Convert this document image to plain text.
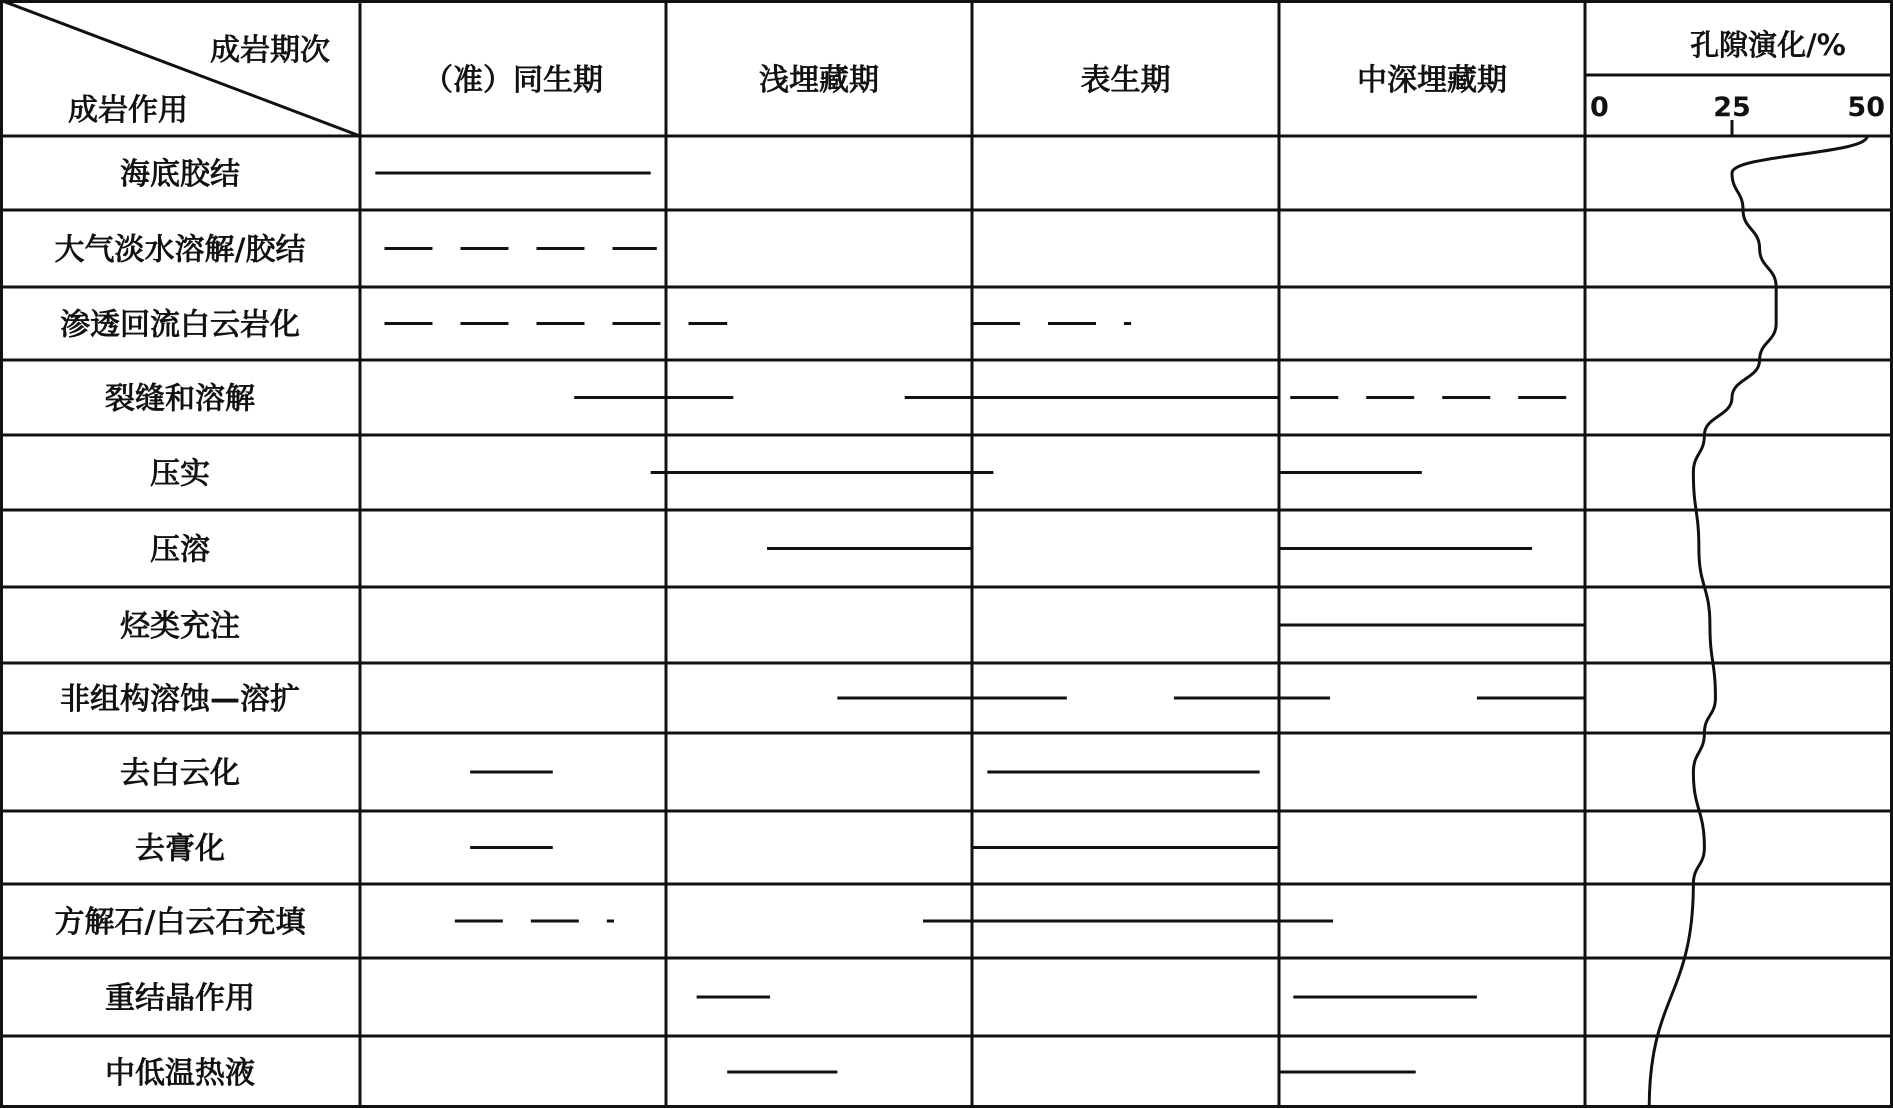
成岩期次
成岩作用
（准）同生期	浅埋藏期	表生期	中深埋藏期
孔隙演化/%
0	25	50
海底胶结
大气淡水溶解/胶结
渗透回流白云岩化
裂缝和溶解
压实
压溶
烃类充注
非组构溶蚀—溶扩
去白云化
去膏化
方解石/白云石充填
重结晶作用
中低温热液
